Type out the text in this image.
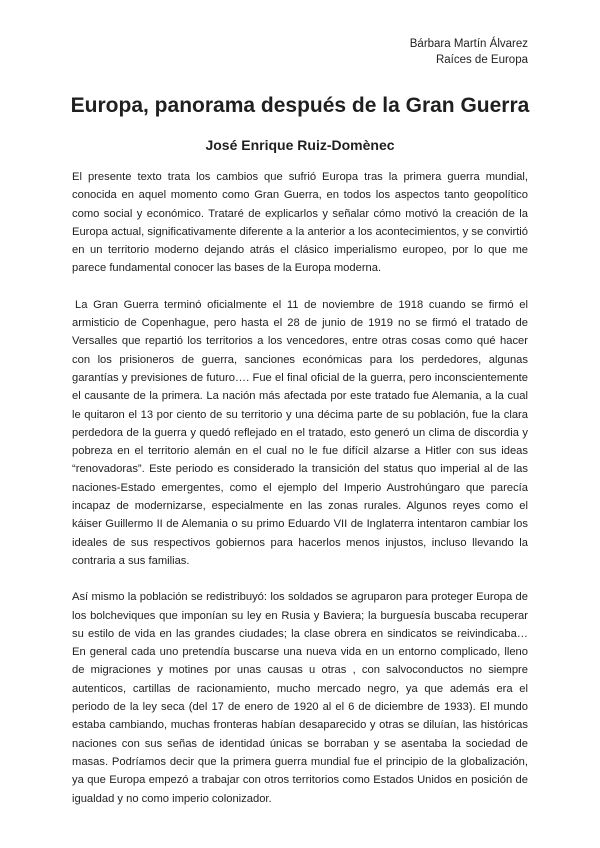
Bárbara Martín Álvarez
Raíces de Europa
Europa, panorama después de la Gran Guerra
José Enrique Ruiz-Domènec

El presente texto trata los cambios que sufrió Europa tras la primera guerra mundial, conocida en aquel momento como Gran Guerra, en todos los aspectos tanto geopolítico como social y económico. Trataré de explicarlos y señalar cómo motivó la creación de la Europa actual, significativamente diferente a la anterior a los acontecimientos, y se convirtió en un territorio moderno dejando atrás el clásico imperialismo europeo, por lo que me parece fundamental conocer las bases de la Europa moderna.

La Gran Guerra terminó oficialmente el 11 de noviembre de 1918 cuando se firmó el armisticio de Copenhague, pero hasta el 28 de junio de 1919 no se firmó el tratado de Versalles que repartió los territorios a los vencedores, entre otras cosas como qué hacer con los prisioneros de guerra, sanciones económicas para los perdedores, algunas garantías y previsiones de futuro…. Fue el final oficial de la guerra, pero inconscientemente el causante de la primera. La nación más afectada por este tratado fue Alemania, a la cual le quitaron el 13 por ciento de su territorio y una décima parte de su población, fue la clara perdedora de la guerra y quedó reflejado en el tratado, esto generó un clima de discordia y pobreza en el territorio alemán en el cual no le fue difícil alzarse a Hitler con sus ideas “renovadoras”. Este periodo es considerado la transición del status quo imperial al de las naciones-Estado emergentes, como el ejemplo del Imperio Austrohúngaro que parecía incapaz de modernizarse, especialmente en las zonas rurales. Algunos reyes como el káiser Guillermo II de Alemania o su primo Eduardo VII de Inglaterra intentaron cambiar los ideales de sus respectivos gobiernos para hacerlos menos injustos, incluso llevando la contraria a sus familias.

Así mismo la población se redistribuyó: los soldados se agruparon para proteger Europa de los bolcheviques que imponían su ley en Rusia y Baviera; la burguesía buscaba recuperar su estilo de vida en las grandes ciudades; la clase obrera en sindicatos se reivindicaba… En general cada uno pretendía buscarse una nueva vida en un entorno complicado, lleno de migraciones y motines por unas causas u otras , con salvoconductos no siempre autenticos, cartillas de racionamiento, mucho mercado negro, ya que además era el periodo de la ley seca (del 17 de enero de 1920 al el 6 de diciembre de 1933). El mundo estaba cambiando, muchas fronteras habían desaparecido y otras se diluían, las históricas naciones con sus señas de identidad únicas se borraban y se asentaba la sociedad de masas. Podríamos decir que la primera guerra mundial fue el principio de la globalización, ya que Europa empezó a trabajar con otros territorios como Estados Unidos en posición de igualdad y no como imperio colonizador.
